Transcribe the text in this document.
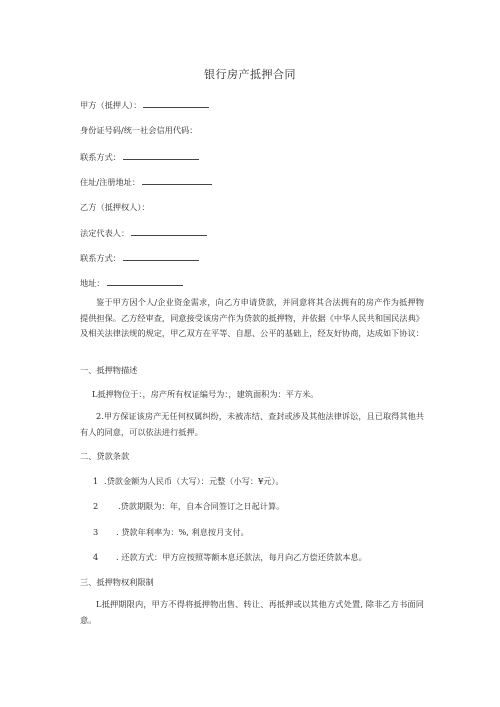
银行房产抵押合同
甲方（抵押人）：
身份证号码/统一社会信用代码：
联系方式：
住址/注册地址：
乙方（抵押权人）：
法定代表人：
联系方式：
地址：
鉴于甲方因个人/企业资金需求，向乙方申请贷款，并同意将其合法拥有的房产作为抵押物提供担保。乙方经审查，同意接受该房产作为贷款的抵押物，并依据《中华人民共和国民法典》及相关法律法规的规定，甲乙双方在平等、自愿、公平的基础上，经友好协商，达成如下协议：
一、抵押物描述
L抵押物位于：，房产所有权证编号为：，建筑面积为：平方米。
2.甲方保证该房产无任何权属纠纷，未被冻结、查封或涉及其他法律诉讼，且已取得其他共有人的同意，可以依法进行抵押。
二、贷款条款
1 .贷款金额为人民币（大写）：元整（小写：¥元）。
2 .贷款期限为：年，自本合同签订之日起计算。
3 . 贷款年利率为：%, 利息按月支付。
4 . 还款方式：甲方应按照等额本息还款法，每月向乙方偿还贷款本息。
三、抵押物权利限制
L抵押期限内，甲方不得将抵押物出售、转让、再抵押或以其他方式处置, 除非乙方书面同意。
